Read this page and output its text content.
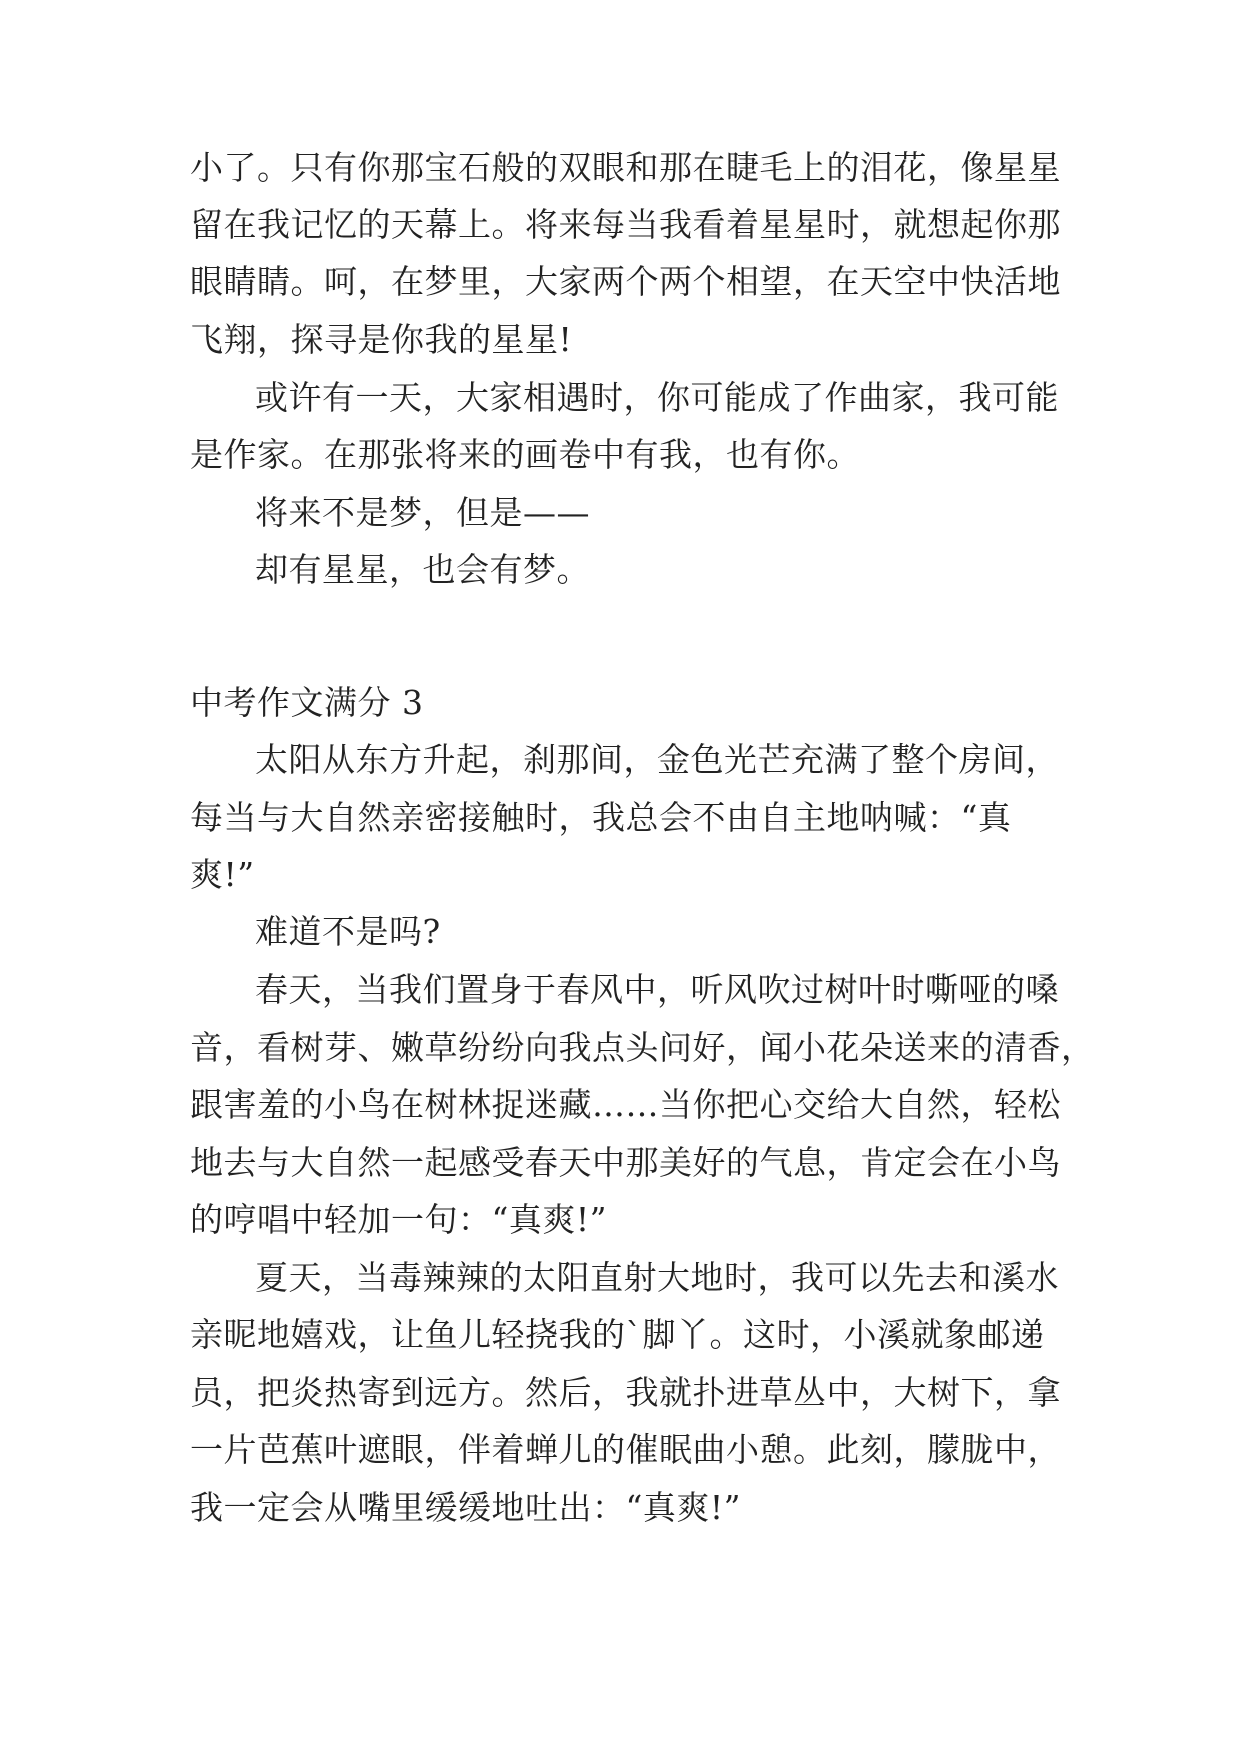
小了。只有你那宝石般的双眼和那在睫毛上的泪花，像星星
留在我记忆的天幕上。将来每当我看着星星时，就想起你那
眼睛睛。呵，在梦里，大家两个两个相望，在天空中快活地
飞翔，探寻是你我的星星!
或许有一天，大家相遇时，你可能成了作曲家，我可能
是作家。在那张将来的画卷中有我，也有你。
将来不是梦，但是——
却有星星，也会有梦。
中考作文满分 3
太阳从东方升起，刹那间，金色光芒充满了整个房间，
每当与大自然亲密接触时，我总会不由自主地呐喊：“真
爽!”
难道不是吗?
春天，当我们置身于春风中，听风吹过树叶时嘶哑的嗓
音，看树芽、嫩草纷纷向我点头问好，闻小花朵送来的清香，
跟害羞的小鸟在树林捉迷藏……当你把心交给大自然，轻松
地去与大自然一起感受春天中那美好的气息，肯定会在小鸟
的哼唱中轻加一句：“真爽!”
夏天，当毒辣辣的太阳直射大地时，我可以先去和溪水
亲昵地嬉戏，让鱼儿轻挠我的`脚丫。这时，小溪就象邮递
员，把炎热寄到远方。然后，我就扑进草丛中，大树下，拿
一片芭蕉叶遮眼，伴着蝉儿的催眠曲小憩。此刻，朦胧中，
我一定会从嘴里缓缓地吐出：“真爽!”
